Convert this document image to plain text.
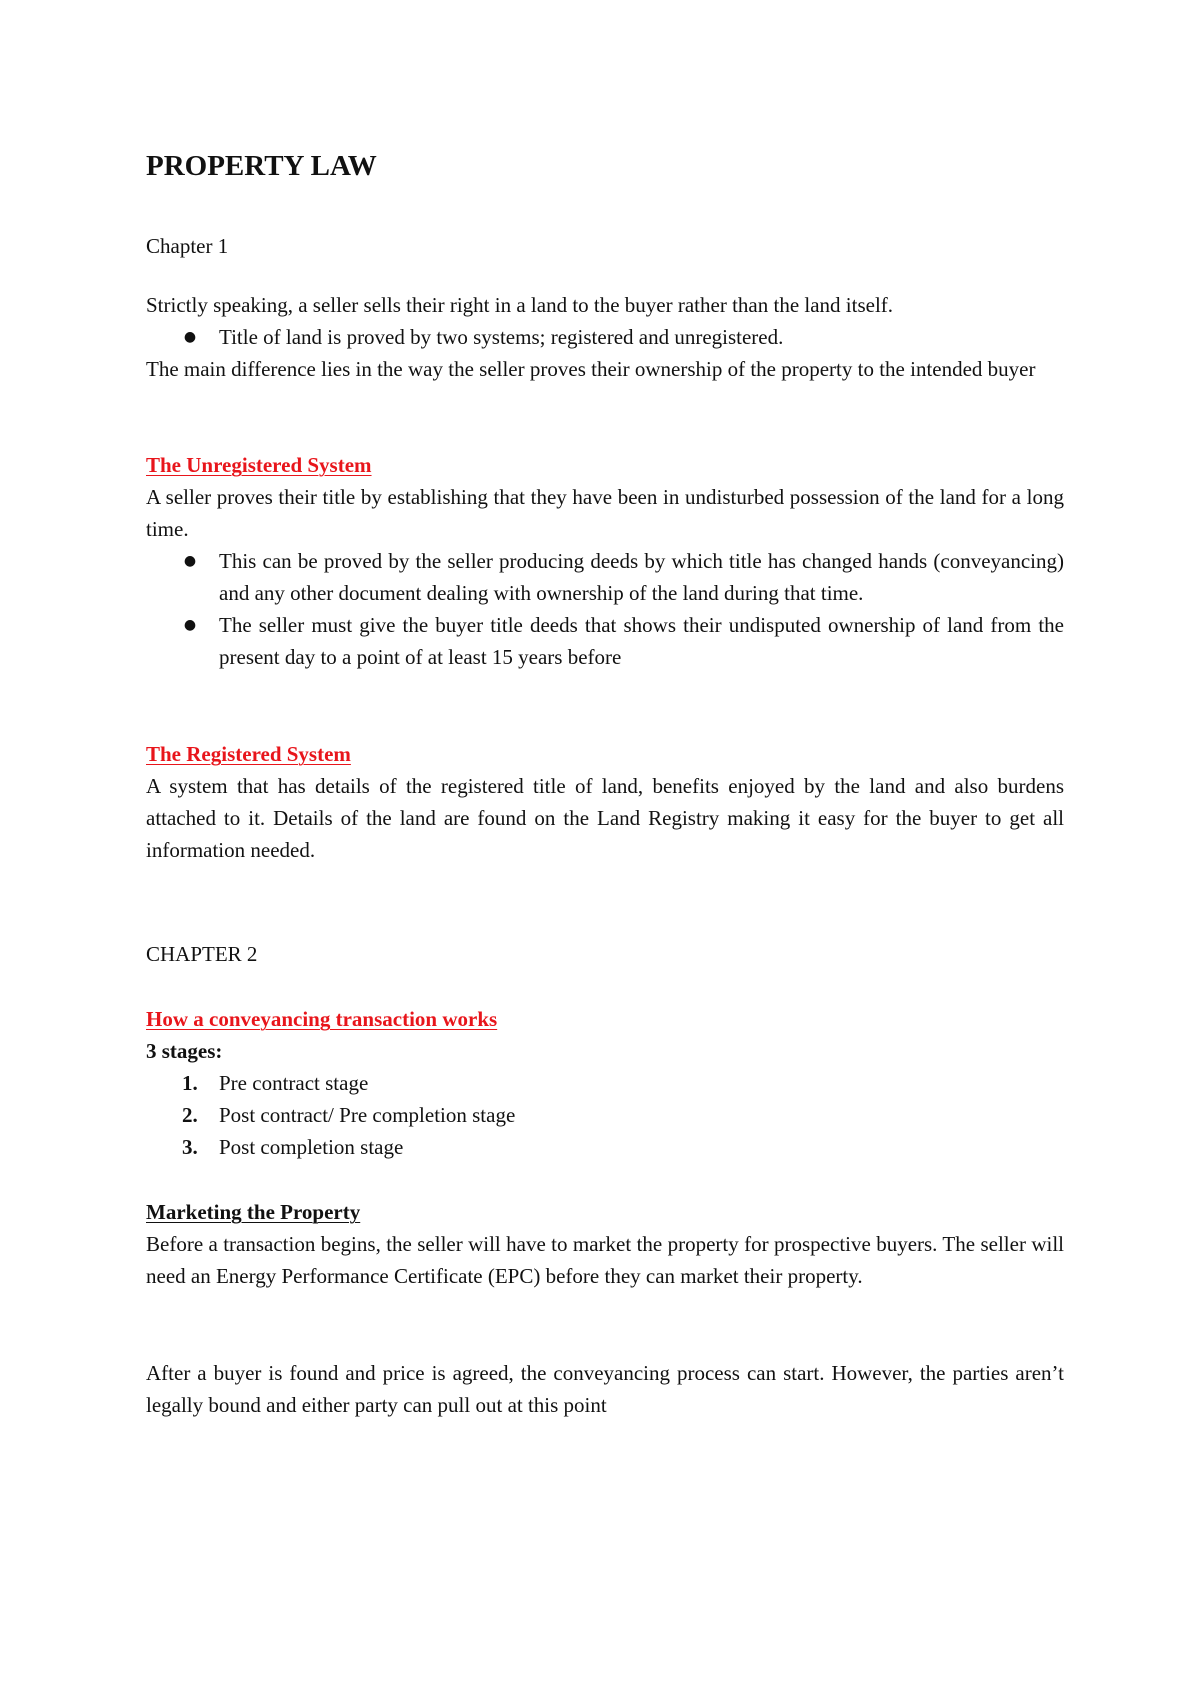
PROPERTY LAW

Chapter 1

Strictly speaking, a seller sells their right in a land to the buyer rather than the land itself.

● Title of land is proved by two systems; registered and unregistered.

The main difference lies in the way the seller proves their ownership of the property to the intended buyer

The Unregistered System

A seller proves their title by establishing that they have been in undisturbed possession of the land for a long time.

● This can be proved by the seller producing deeds by which title has changed hands (conveyancing) and any other document dealing with ownership of the land during that time.
● The seller must give the buyer title deeds that shows their undisputed ownership of land from the present day to a point of at least 15 years before

The Registered System

A system that has details of the registered title of land, benefits enjoyed by the land and also burdens attached to it. Details of the land are found on the Land Registry making it easy for the buyer to get all information needed.

CHAPTER 2

How a conveyancing transaction works

3 stages:

1. Pre contract stage
2. Post contract/ Pre completion stage
3. Post completion stage

Marketing the Property

Before a transaction begins, the seller will have to market the property for prospective buyers. The seller will need an Energy Performance Certificate (EPC) before they can market their property.

After a buyer is found and price is agreed, the conveyancing process can start. However, the parties aren’t legally bound and either party can pull out at this point
